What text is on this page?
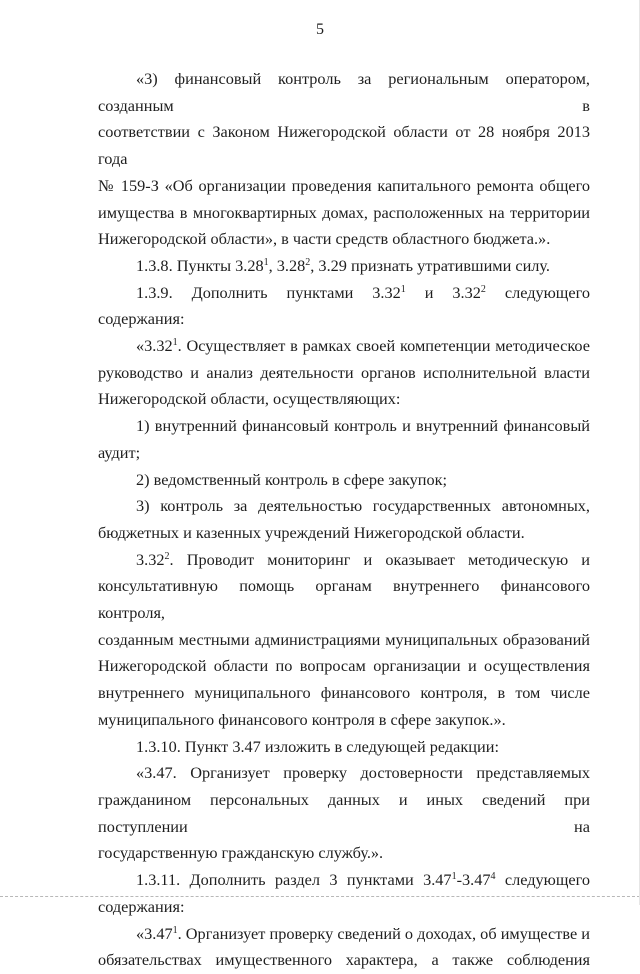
5

«3) финансовый контроль за региональным оператором, созданным в

соответствии с Законом Нижегородской области от 28 ноября 2013 года

№ 159-З «Об организации проведения капитального ремонта общего

имущества в многоквартирных домах, расположенных на территории

Нижегородской области», в части средств областного бюджета.».

1.3.8. Пункты 3.28$^1$, 3.28$^2$, 3.29 признать утратившими силу.

1.3.9. Дополнить пунктами 3.32$^1$ и 3.32$^2$ следующего содержания:

«3.32$^1$. Осуществляет в рамках своей компетенции методическое

руководство и анализ деятельности органов исполнительной власти

Нижегородской области, осуществляющих:

1) внутренний финансовый контроль и внутренний финансовый

аудит;

2) ведомственный контроль в сфере закупок;

3) контроль за деятельностью государственных автономных,

бюджетных и казенных учреждений Нижегородской области.

3.32$^2$. Проводит мониторинг и оказывает методическую и

консультативную помощь органам внутреннего финансового контроля,

созданным местными администрациями муниципальных образований

Нижегородской области по вопросам организации и осуществления

внутреннего муниципального финансового контроля, в том числе

муниципального финансового контроля в сфере закупок.».

1.3.10. Пункт 3.47 изложить в следующей редакции:

«3.47. Организует проверку достоверности представляемых

гражданином персональных данных и иных сведений при поступлении на

государственную гражданскую службу.».

1.3.11. Дополнить раздел 3 пунктами 3.47$^1$-3.47$^4$ следующего

содержания:

«3.47$^1$. Организует проверку сведений о доходах, об имуществе и

обязательствах имущественного характера, а также соблюдения
